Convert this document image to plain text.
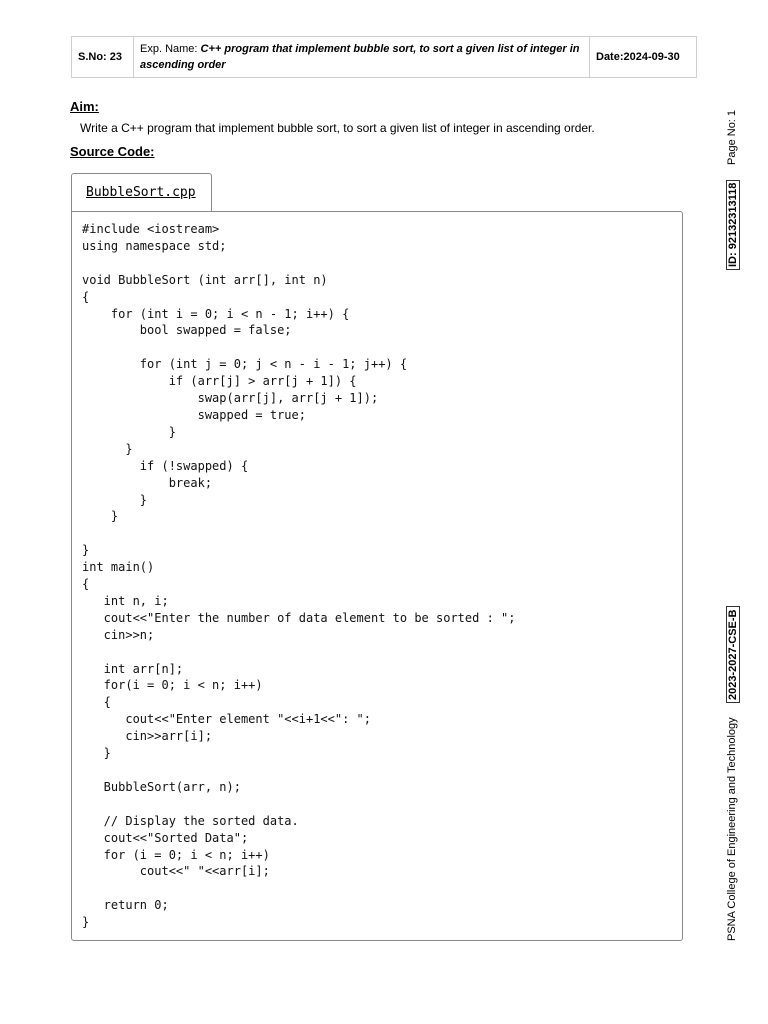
S.No: 23	Exp. Name: C++ program that implement bubble sort, to sort a given list of integer in ascending order	Date:2024-09-30
Aim:
Write a C++ program that implement bubble sort, to sort a given list of integer in ascending order.
Source Code:
BubbleSort.cpp
#include <iostream>
using namespace std;

void BubbleSort (int arr[], int n)
{
for (int i = 0; i < n - 1; i++) {
bool swapped = false;

for (int j = 0; j < n - i - 1; j++) {
if (arr[j] > arr[j + 1]) {
swap(arr[j], arr[j + 1]);
swapped = true;
}
}
if (!swapped) {
break;
}
}

}
int main()
{
int n, i;
cout<<"Enter the number of data element to be sorted : ";
cin>>n;

int arr[n];
for(i = 0; i < n; i++)
{
cout<<"Enter element "<<i+1<<": ";
cin>>arr[i];
}

BubbleSort(arr, n);

// Display the sorted data.
cout<<"Sorted Data";
for (i = 0; i < n; i++)
cout<<" "<<arr[i];

return 0;
}
Page No: 1
ID: 92132313118
2023-2027-CSE-B
PSNA College of Engineering and Technology
